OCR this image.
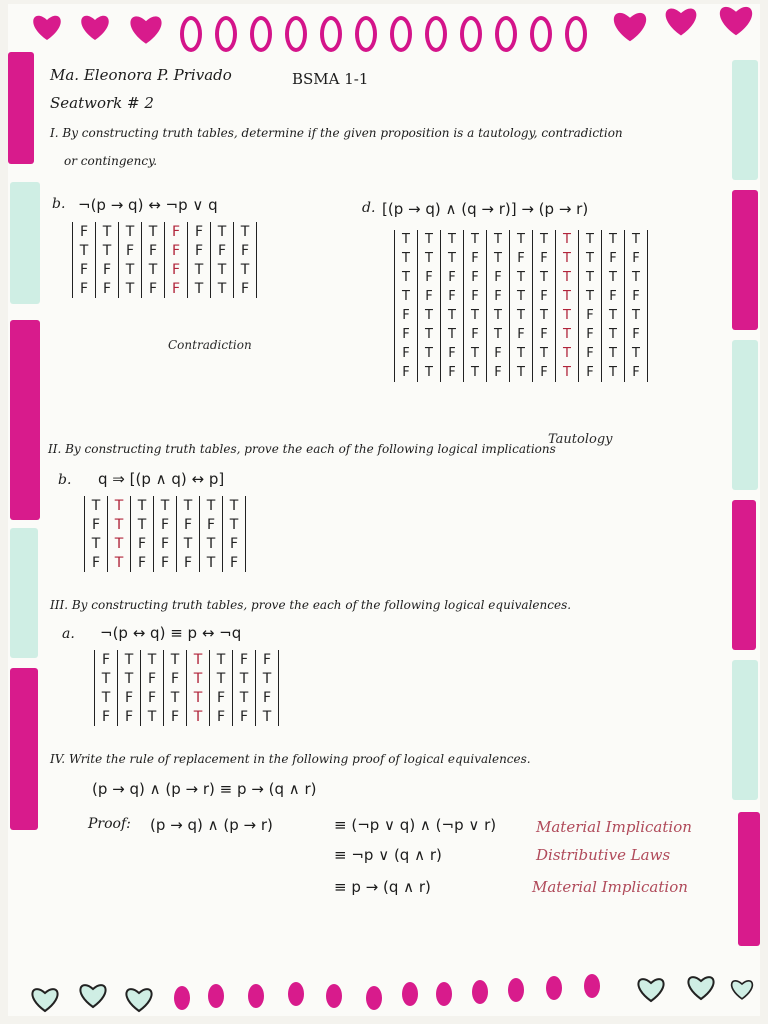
Ma. Eleonora P. Privado	BSMA 1-1
Seatwork # 2
I. By constructing truth tables, determine if the given proposition is a tautology, contradiction
or contingency.
b. ¬(p → q) ↔ ¬p ∨ q
F	T	T	T	F	F	T	T
T	T	F	F	F	F	F	F
F	F	T	T	F	T	T	T
F	F	T	F	F	T	T	F
Contradiction
d. [(p → q) ∧ (q → r)] → (p → r)
T	T	T	T	T	T	T	T	T	T	T
T	T	T	F	T	F	F	T	T	F	F
T	F	F	F	F	T	T	T	T	T	T
T	F	F	F	F	T	F	T	T	F	F
F	T	T	T	T	T	T	T	F	T	T
F	T	T	F	T	F	F	T	F	T	F
F	T	F	T	F	T	T	T	F	T	T
F	T	F	T	F	T	F	T	F	T	F
Tautology
II. By constructing truth tables, prove the each of the following logical implications
b. q ⇒ [(p ∧ q) ↔ p]
T	T	T	T	T	T	T
F	T	T	F	F	F	T
T	T	F	F	T	T	F
F	T	F	F	F	T	F
III. By constructing truth tables, prove the each of the following logical equivalences.
a. ¬(p ↔ q) ≡ p ↔ ¬q
F	T	T	T	T	T	F	F
T	T	F	F	T	T	T	T
T	F	F	T	T	F	T	F
F	F	T	F	T	F	F	T
IV. Write the rule of replacement in the following proof of logical equivalences.
(p → q) ∧ (p → r) ≡ p → (q ∧ r)
Proof: (p → q) ∧ (p → r)	≡ (¬p ∨ q) ∧ (¬p ∨ r)	Material Implication
≡ ¬p ∨ (q ∧ r)	Distributive Laws
≡ p → (q ∧ r)	Material Implication
